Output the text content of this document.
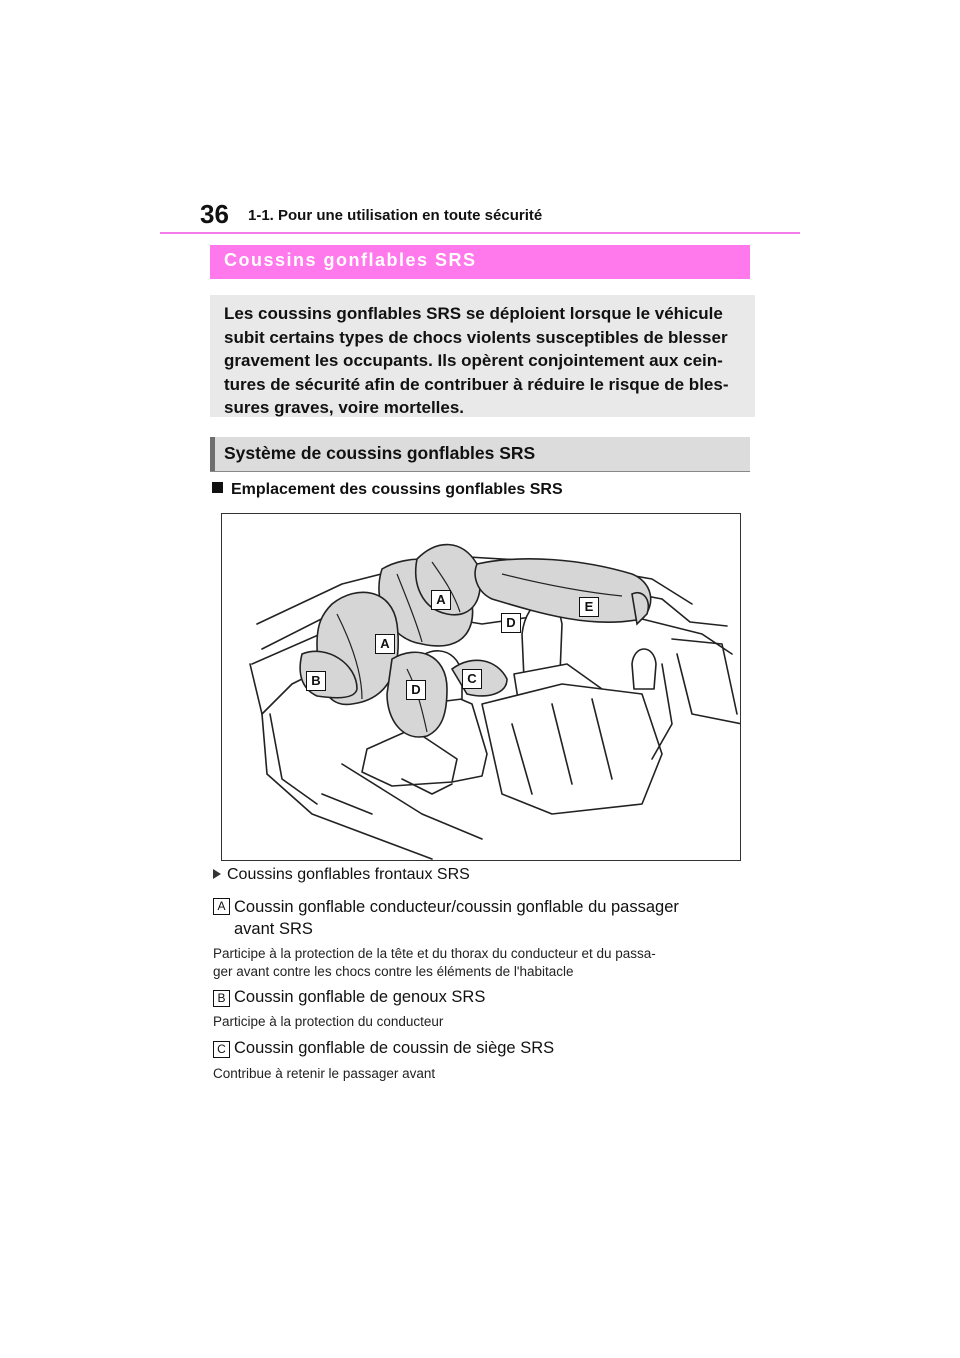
36 1-1. Pour une utilisation en toute sécurité
Coussins gonflables SRS
Les coussins gonflables SRS se déploient lorsque le véhicule
subit certains types de chocs violents susceptibles de blesser
gravement les occupants. Ils opèrent conjointement aux cein-
tures de sécurité afin de contribuer à réduire le risque de bles-
sures graves, voire mortelles.
Système de coussins gonflables SRS
Emplacement des coussins gonflables SRS
A
A
B	C
D
D
E
Coussins gonflables frontaux SRS
A Coussin gonflable conducteur/coussin gonflable du passager
avant SRS
Participe à la protection de la tête et du thorax du conducteur et du passa-
ger avant contre les chocs contre les éléments de l'habitacle
B Coussin gonflable de genoux SRS
Participe à la protection du conducteur
C Coussin gonflable de coussin de siège SRS
Contribue à retenir le passager avant
